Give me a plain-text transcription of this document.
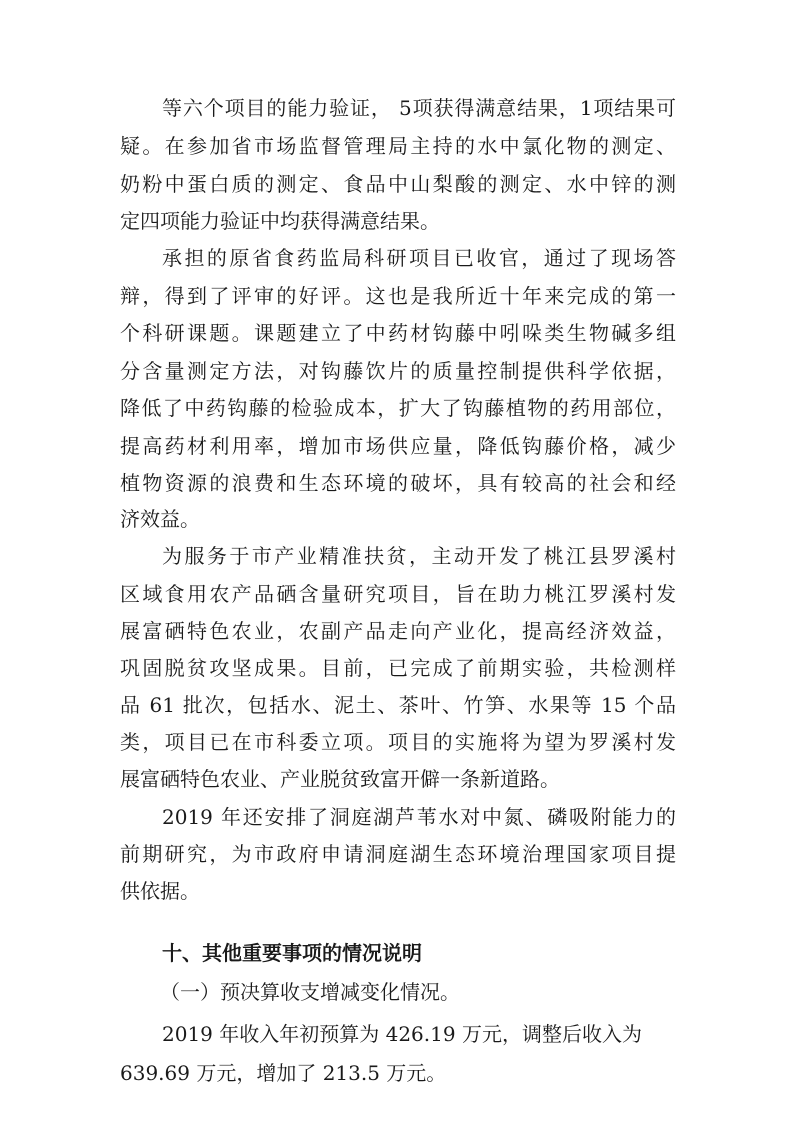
等六个项目的能力验证， 5项获得满意结果，1项结果可
疑。在参加省市场监督管理局主持的水中氯化物的测定、
奶粉中蛋白质的测定、食品中山梨酸的测定、水中锌的测
定四项能力验证中均获得满意结果。
承担的原省食药监局科研项目已收官，通过了现场答
辩，得到了评审的好评。这也是我所近十年来完成的第一
个科研课题。课题建立了中药材钩藤中吲哚类生物碱多组
分含量测定方法，对钩藤饮片的质量控制提供科学依据，
降低了中药钩藤的检验成本，扩大了钩藤植物的药用部位，
提高药材利用率，增加市场供应量，降低钩藤价格，减少
植物资源的浪费和生态环境的破坏，具有较高的社会和经
济效益。
为服务于市产业精准扶贫，主动开发了桃江县罗溪村
区域食用农产品硒含量研究项目，旨在助力桃江罗溪村发
展富硒特色农业，农副产品走向产业化，提高经济效益，
巩固脱贫攻坚成果。目前，已完成了前期实验，共检测样
品 61 批次，包括水、泥土、茶叶、竹笋、水果等 15 个品
类，项目已在市科委立项。项目的实施将为望为罗溪村发
展富硒特色农业、产业脱贫致富开僻一条新道路。
2019 年还安排了洞庭湖芦苇水对中氮、磷吸附能力的
前期研究，为市政府申请洞庭湖生态环境治理国家项目提
供依据。
十、其他重要事项的情况说明
（一）预决算收支增减变化情况。
2019 年收入年初预算为 426.19 万元，调整后收入为
639.69 万元，增加了 213.5 万元。
